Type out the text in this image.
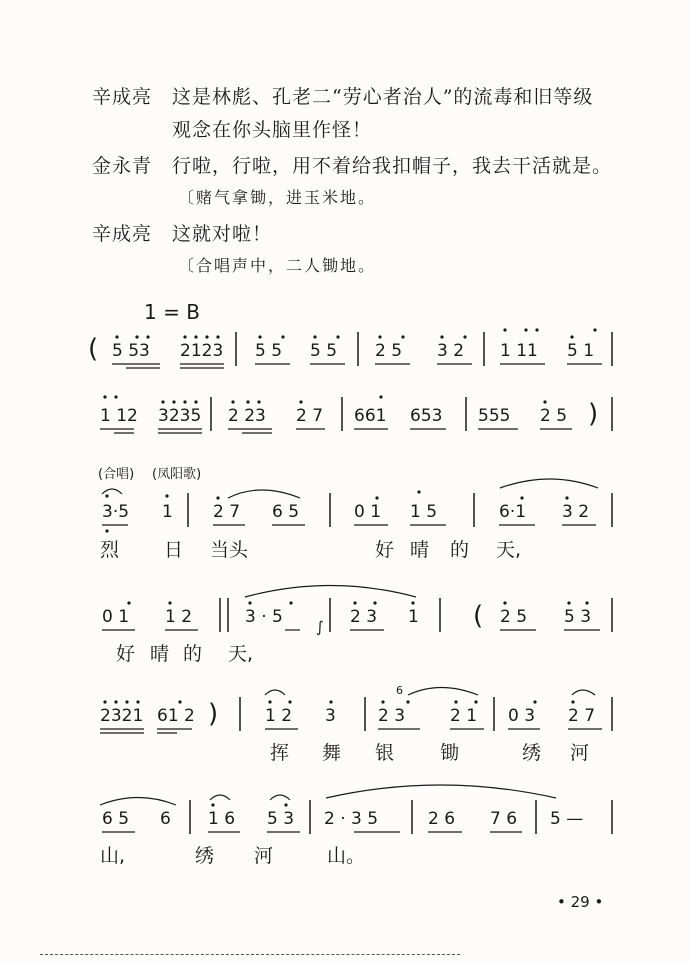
辛成亮 这是林彪、孔老二“劳心者治人”的流毒和旧等级
观念在你头脑里作怪！
金永青 行啦，行啦，用不着给我扣帽子，我去干活就是。
〔赌气拿锄，进玉米地。
辛成亮 这就对啦！
〔合唱声中，二人锄地。
1 = B
( 5 53 2123 5 5 5 5 2 5 3 2 1 11 5 1
1 12 3235 2 23 2 7 661 653 555 2 5 )
(合唱) (凤阳歌)
3·5 1 2 7 6 5	0 1 1 5	6·1 3 2
烈 日 当头	好 晴 的 天,
0 1 1 2	3 · 5	2 3 1 ( 2 5 5 3
∫
好 晴 的 天,
2321 61 2 )	1 2 3 2 3	2 1 0 3 2 7
6
挥 舞 银 锄	绣 河
6 5 6 1 6 5 3 2 · 3 5	2 6 7 6 5 —
山,	绣 河	山。
• 29 •
